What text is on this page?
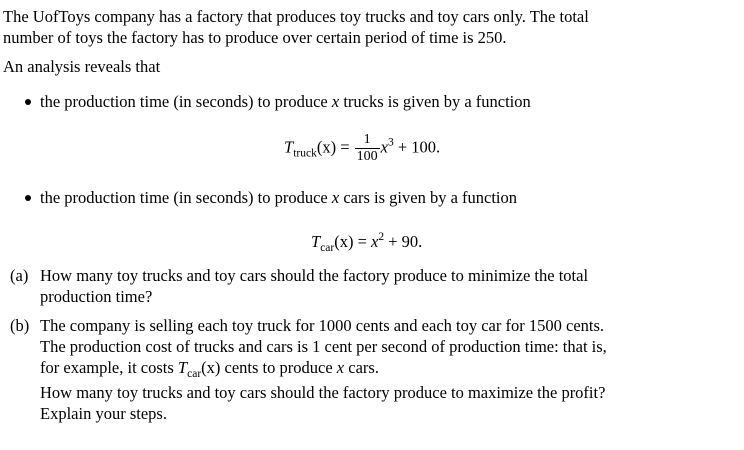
The UofToys company has a factory that produces toy trucks and toy cars only. The total
number of toys the factory has to produce over certain period of time is 250.
An analysis reveals that
the production time (in seconds) to produce x trucks is given by a function
$T_{truck}(x) = \frac{1}{100} x^3 + 100$.
the production time (in seconds) to produce x cars is given by a function
$T_{car}(x) = x^2 + 90$.
(a) How many toy trucks and toy cars should the factory produce to minimize the total
production time?
(b) The company is selling each toy truck for 1000 cents and each toy car for 1500 cents.
The production cost of trucks and cars is 1 cent per second of production time: that is,
for example, it costs $T_{car}(x)$ cents to produce x cars.
How many toy trucks and toy cars should the factory produce to maximize the profit?
Explain your steps.
